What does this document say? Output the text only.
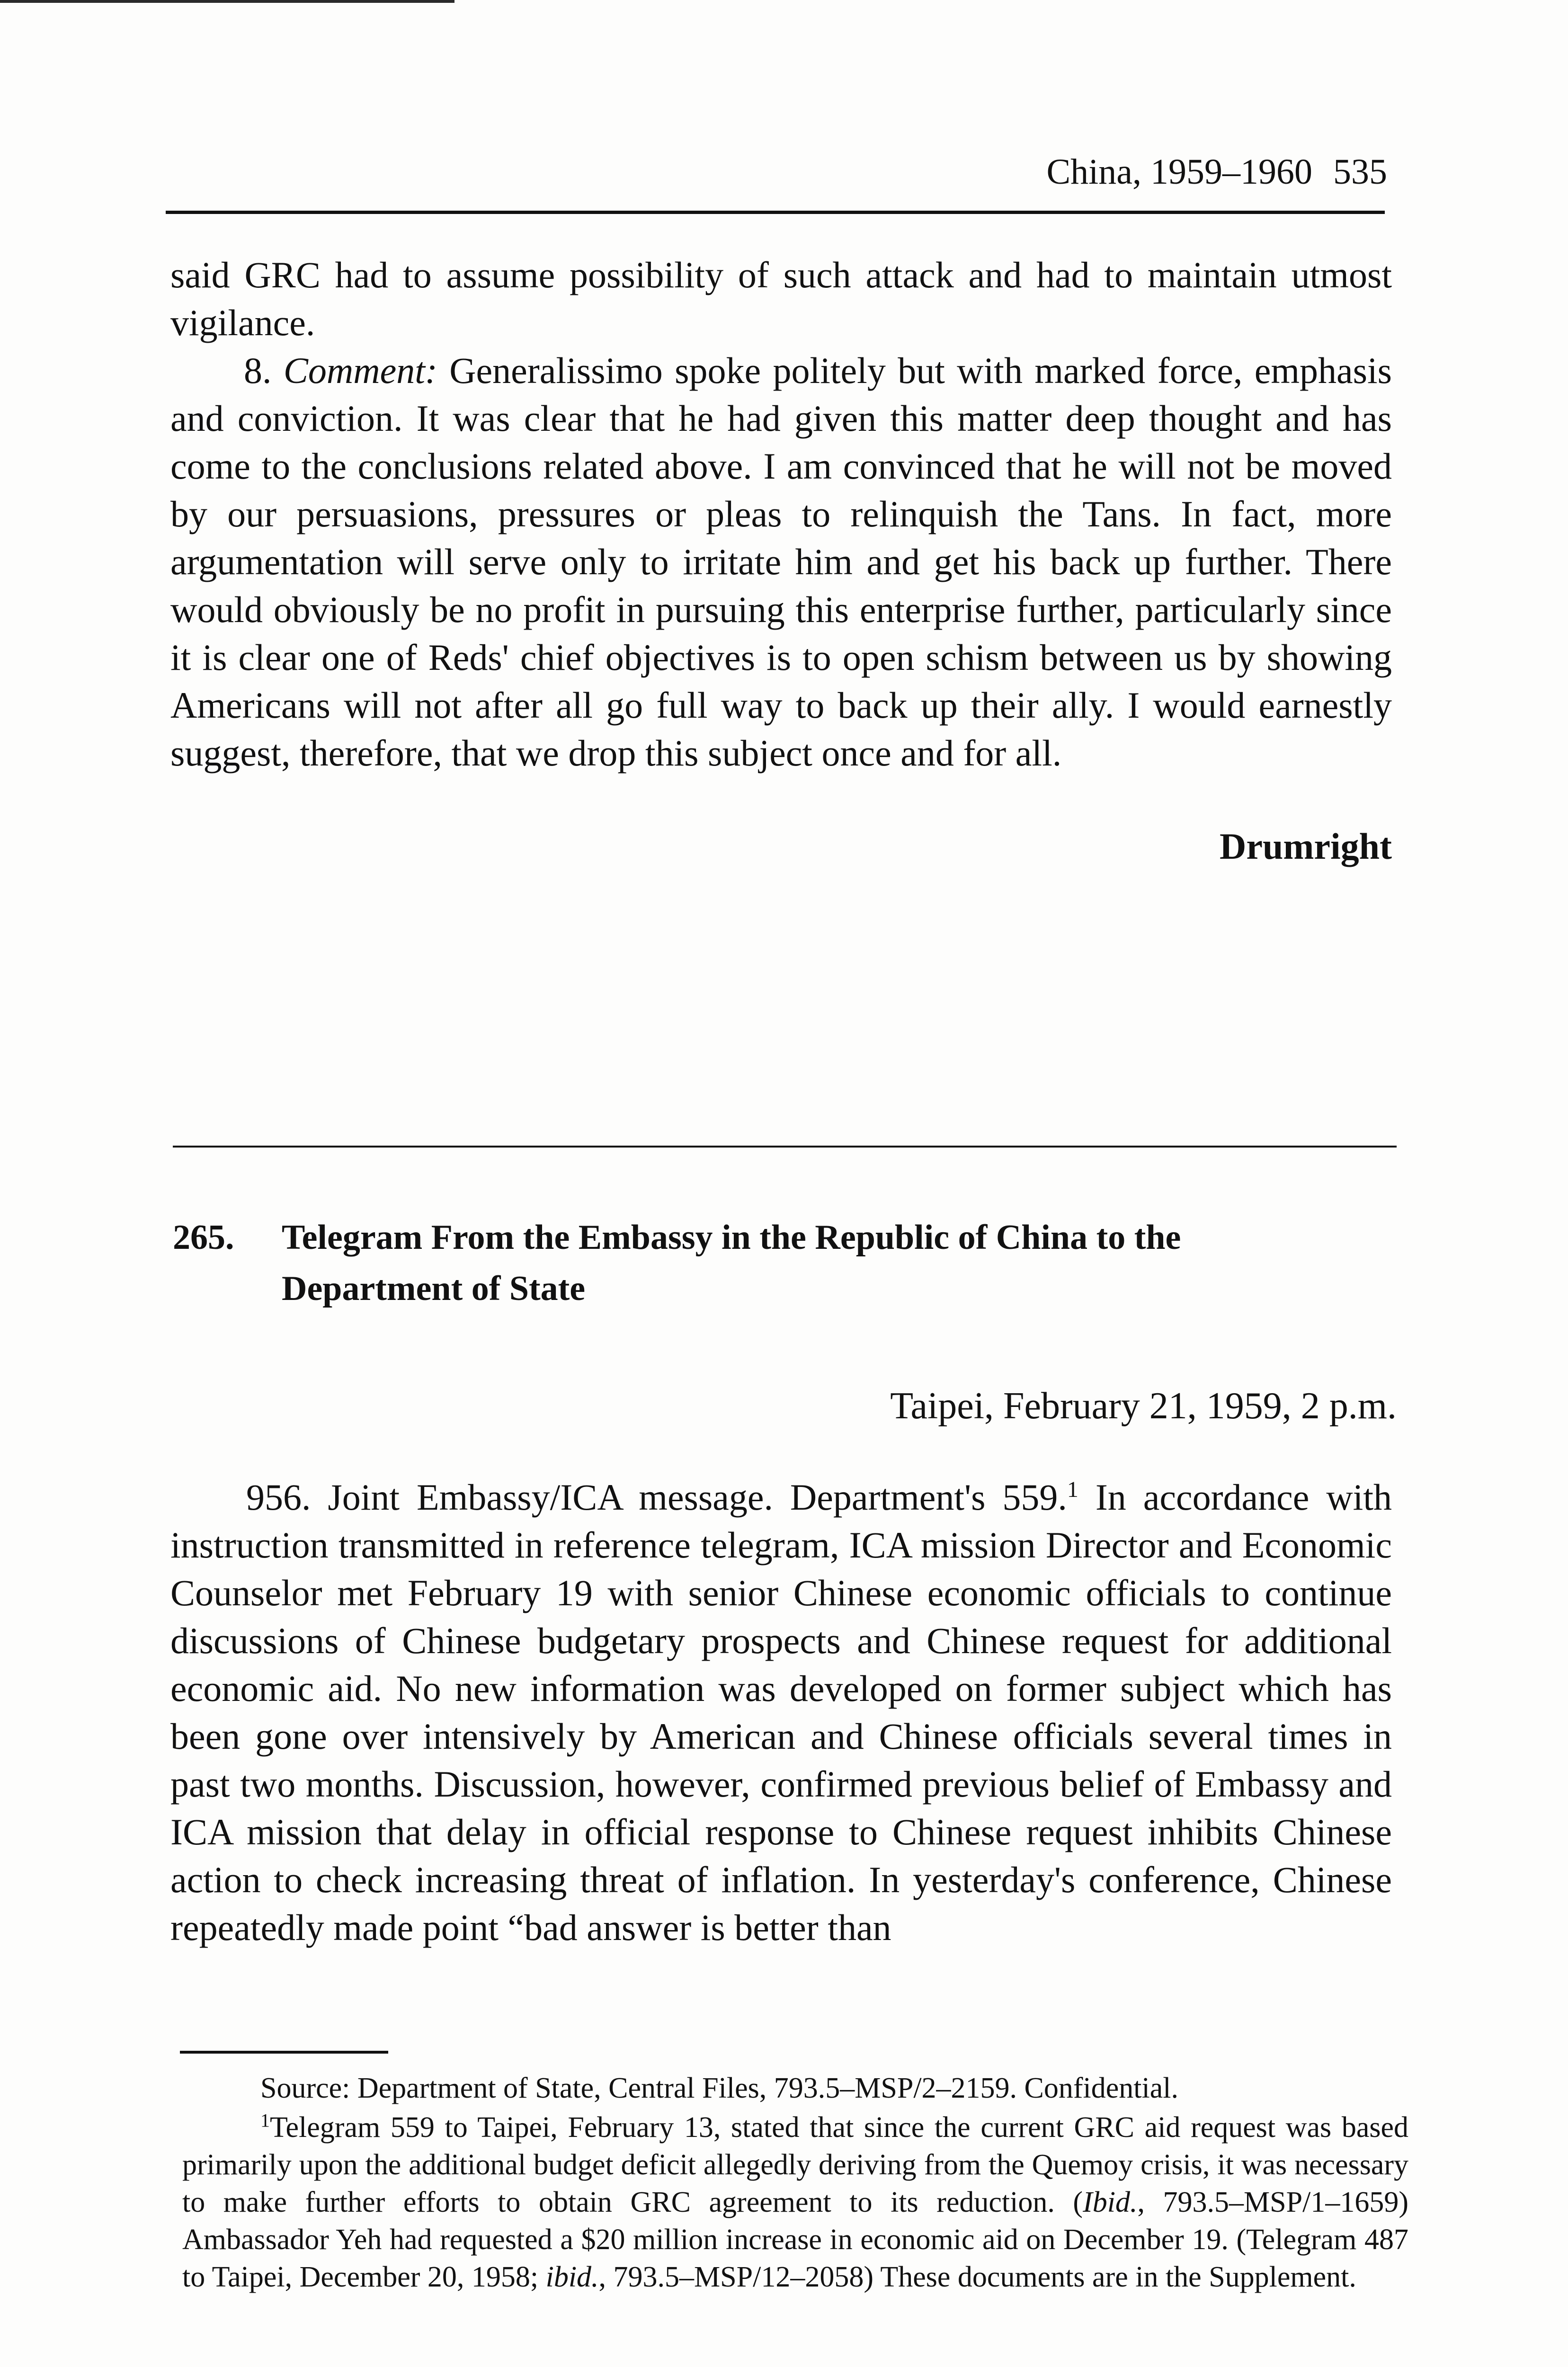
China, 1959–1960 535

said GRC had to assume possibility of such attack and had to maintain utmost vigilance.

8. Comment: Generalissimo spoke politely but with marked force, emphasis and conviction. It was clear that he had given this matter deep thought and has come to the conclusions related above. I am convinced that he will not be moved by our persuasions, pressures or pleas to relinquish the Tans. In fact, more argumentation will serve only to irritate him and get his back up further. There would obviously be no profit in pursuing this enterprise further, particularly since it is clear one of Reds' chief objectives is to open schism between us by showing Americans will not after all go full way to back up their ally. I would earnestly suggest, therefore, that we drop this subject once and for all.

Drumright
265. Telegram From the Embassy in the Republic of China to the Department of State
Taipei, February 21, 1959, 2 p.m.

956. Joint Embassy/ICA message. Department's 559.$^1$ In accordance with instruction transmitted in reference telegram, ICA mission Director and Economic Counselor met February 19 with senior Chinese economic officials to continue discussions of Chinese budgetary prospects and Chinese request for additional economic aid. No new information was developed on former subject which has been gone over intensively by American and Chinese officials several times in past two months. Discussion, however, confirmed previous belief of Embassy and ICA mission that delay in official response to Chinese request inhibits Chinese action to check increasing threat of inflation. In yesterday's conference, Chinese repeatedly made point “bad answer is better than

Source: Department of State, Central Files, 793.5–MSP/2–2159. Confidential.

$^1$Telegram 559 to Taipei, February 13, stated that since the current GRC aid request was based primarily upon the additional budget deficit allegedly deriving from the Quemoy crisis, it was necessary to make further efforts to obtain GRC agreement to its reduction. (Ibid., 793.5–MSP/1–1659) Ambassador Yeh had requested a $20 million increase in economic aid on December 19. (Telegram 487 to Taipei, December 20, 1958; ibid., 793.5–MSP/12–2058) These documents are in the Supplement.
